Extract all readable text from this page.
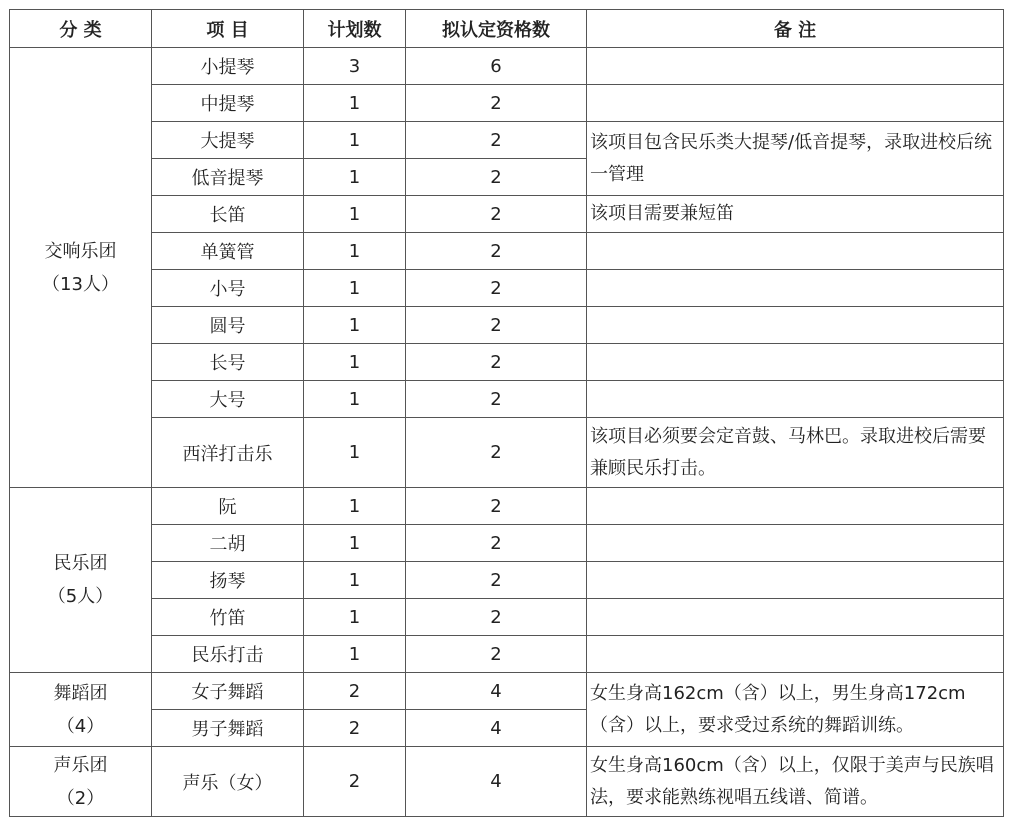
分 类	项 目	计划数	拟认定资格数	备 注

交响乐团
（13人）	小提琴	3	6	
	中提琴	1	2	
	大提琴	1	2	该项目包含民乐类大提琴/低音提琴，录取进校后统一管理
	低音提琴	1	2	
	长笛	1	2	该项目需要兼短笛
	单簧管	1	2	
	小号	1	2	
	圆号	1	2	
	长号	1	2	
	大号	1	2	
	西洋打击乐	1	2	该项目必须要会定音鼓、马林巴。录取进校后需要兼顾民乐打击。

民乐团
（5人）	阮	1	2	
	二胡	1	2	
	扬琴	1	2	
	竹笛	1	2	
	民乐打击	1	2	

舞蹈团
（4）	女子舞蹈	2	4	女生身高162cm（含）以上，男生身高172cm（含）以上，要求受过系统的舞蹈训练。
	男子舞蹈	2	4	

声乐团
（2）	声乐（女）	2	4	女生身高160cm（含）以上，仅限于美声与民族唱法，要求能熟练视唱五线谱、简谱。
